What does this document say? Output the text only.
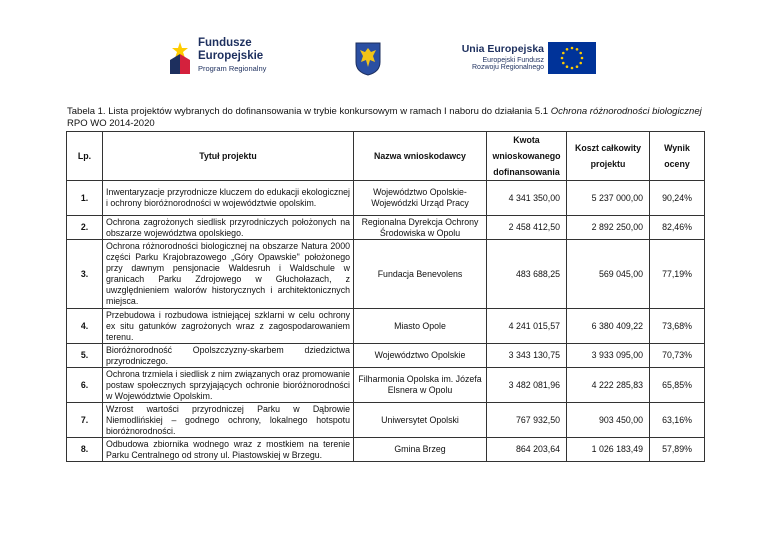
Fundusze
Europejskie
Program Regionalny
Unia Europejska
Europejski Fundusz
Rozwoju Regionalnego
Tabela 1. Lista projektów wybranych do dofinansowania w trybie konkursowym w ramach I naboru do działania 5.1 Ochrona różnorodności biologicznej RPO WO 2014-2020
Lp.	Tytuł projektu	Nazwa wnioskodawcy	Kwota wnioskowanego dofinansowania	Koszt całkowity projektu	Wynik oceny
1.	Inwentaryzacje przyrodnicze kluczem do edukacji ekologicznej i ochrony bioróżnorodności w województwie opolskim.	Województwo Opolskie- Wojewódzki Urząd Pracy	4 341 350,00	5 237 000,00	90,24%
2.	Ochrona zagrożonych siedlisk przyrodniczych położonych na obszarze województwa opolskiego.	Regionalna Dyrekcja Ochrony Środowiska w Opolu	2 458 412,50	2 892 250,00	82,46%
3.	Ochrona różnorodności biologicznej na obszarze Natura 2000 części Parku Krajobrazowego „Góry Opawskie" położonego przy dawnym pensjonacie Waldesruh i Waldschule w granicach Parku Zdrojowego w Głuchołazach, z uwzględnieniem walorów historycznych i architektonicznych miejsca.	Fundacja Benevolens	483 688,25	569 045,00	77,19%
4.	Przebudowa i rozbudowa istniejącej szklarni w celu ochrony ex situ gatunków zagrożonych wraz z zagospodarowaniem terenu.	Miasto Opole	4 241 015,57	6 380 409,22	73,68%
5.	Bioróżnorodność Opolszczyzny-skarbem dziedzictwa przyrodniczego.	Województwo Opolskie	3 343 130,75	3 933 095,00	70,73%
6.	Ochrona trzmiela i siedlisk z nim związanych oraz promowanie postaw społecznych sprzyjających ochronie bioróżnorodności w Województwie Opolskim.	Filharmonia Opolska im. Józefa Elsnera w Opolu	3 482 081,96	4 222 285,83	65,85%
7.	Wzrost wartości przyrodniczej Parku w Dąbrowie Niemodlińskiej – godnego ochrony, lokalnego hotspotu bioróżnorodności.	Uniwersytet Opolski	767 932,50	903 450,00	63,16%
8.	Odbudowa zbiornika wodnego wraz z mostkiem na terenie Parku Centralnego od strony ul. Piastowskiej w Brzegu.	Gmina Brzeg	864 203,64	1 026 183,49	57,89%
